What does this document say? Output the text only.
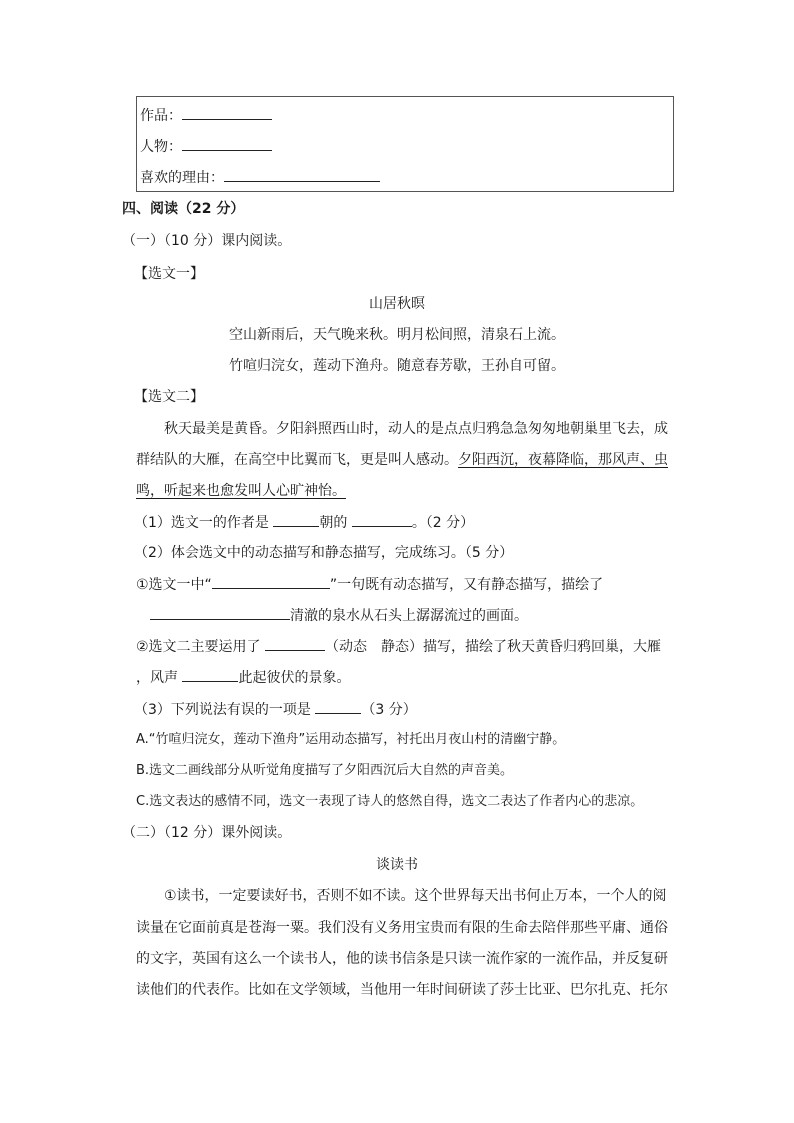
作品：
人物：
喜欢的理由：
四、阅读（22 分）
（一）（10 分）课内阅读。
【选文一】
山居秋暝
空山新雨后，天气晚来秋。明月松间照，清泉石上流。
竹喧归浣女，莲动下渔舟。随意春芳歇，王孙自可留。
【选文二】
秋天最美是黄昏。夕阳斜照西山时，动人的是点点归鸦急急匆匆地朝巢里飞去，成
群结队的大雁，在高空中比翼而飞，更是叫人感动。夕阳西沉，夜幕降临，那风声、虫
鸣，听起来也愈发叫人心旷神怡。
（1）选文一的作者是	朝的	。（2 分）
（2）体会选文中的动态描写和静态描写，完成练习。（5 分）
①选文一中“	”一句既有动态描写，又有静态描写，描绘了
清澈的泉水从石头上潺潺流过的画面。
②选文二主要运用了	（动态　静态）描写，描绘了秋天黄昏归鸦回巢，大雁
，风声	此起彼伏的景象。
（3）下列说法有误的一项是	（3 分）
A.“竹喧归浣女，莲动下渔舟”运用动态描写，衬托出月夜山村的清幽宁静。
B.选文二画线部分从听觉角度描写了夕阳西沉后大自然的声音美。
C.选文表达的感情不同，选文一表现了诗人的悠然自得，选文二表达了作者内心的悲凉。
（二）（12 分）课外阅读。
谈读书
①读书，一定要读好书，否则不如不读。这个世界每天出书何止万本，一个人的阅
读量在它面前真是苍海一粟。我们没有义务用宝贵而有限的生命去陪伴那些平庸、通俗
的文字，英国有这么一个读书人，他的读书信条是只读一流作家的一流作品，并反复研
读他们的代表作。比如在文学领域，当他用一年时间研读了莎士比亚、巴尔扎克、托尔
